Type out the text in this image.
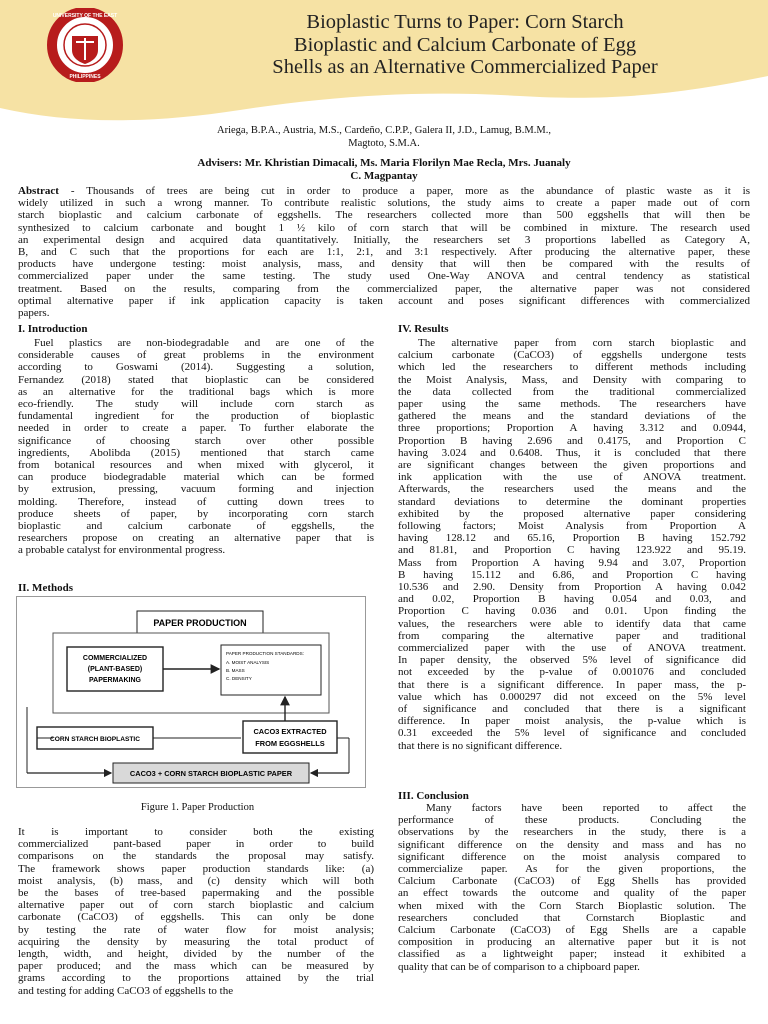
UNIVERSITY OF THE EAST
PHILIPPINES
Bioplastic Turns to Paper: Corn Starch
Bioplastic and Calcium Carbonate of Egg
Shells as an Alternative Commercialized Paper
Ariega, B.P.A., Austria, M.S., Cardeño, C.P.P., Galera II, J.D., Lamug, B.M.M.,
Magtoto, S.M.A.
Advisers: Mr. Khristian Dimacali, Ms. Maria Florilyn Mae Recla, Mrs. Juanaly
C. Magpantay
Abstract - Thousands of trees are being cut in order to produce a paper, more as the abundance of plastic waste as it is
widely utilized in such a wrong manner. To contribute realistic solutions, the study aims to create a paper made out of corn
starch bioplastic and calcium carbonate of eggshells. The researchers collected more than 500 eggshells that will then be
synthesized to calcium carbonate and bought 1 ½ kilo of corn starch that will be combined in mixture. The research used
an experimental design and acquired data quantitatively. Initially, the researchers set 3 proportions labelled as Category A,
B, and C such that the proportions for each are 1:1, 2:1, and 3:1 respectively. After producing the alternative paper, these
products have undergone testing: moist analysis, mass, and density that will then be compared with the results of
commercialized paper under the same testing. The study used One-Way ANOVA and central tendency as statistical
treatment. Based on the results, comparing from the commercialized paper, the alternative paper was not considered
optimal alternative paper if ink application capacity is taken account and poses significant differences with commercialized
papers.
I. Introduction
Fuel plastics are non-biodegradable and are one of the
considerable causes of great problems in the environment
according to Goswami (2014). Suggesting a solution,
Fernandez (2018) stated that bioplastic can be considered
as an alternative for the traditional bags which is more
eco-friendly. The study will include corn starch as
fundamental ingredient for the production of bioplastic
needed in order to create a paper. To further elaborate the
significance of choosing starch over other possible
ingredients, Abolibda (2015) mentioned that starch came
from botanical resources and when mixed with glycerol, it
can produce biodegradable material which can be formed
by extrusion, pressing, vacuum forming and injection
molding. Therefore, instead of cutting down trees to
produce sheets of paper, by incorporating corn starch
bioplastic and calcium carbonate of eggshells, the
researchers propose on creating an alternative paper that is
a probable catalyst for environmental progress.
II. Methods
PAPER PRODUCTION
COMMERCIALIZED
(PLANT-BASED)
PAPERMAKING
PAPER PRODUCTION STANDARDS:
A. MOIST ANALYSIS
B. MASS
C. DENSITY
CORN STARCH BIOPLASTIC
CACO3 EXTRACTED
FROM EGGSHELLS
CACO3 + CORN STARCH BIOPLASTIC PAPER
Figure 1. Paper Production
It is important to consider both the existing
commercialized pant-based paper in order to build
comparisons on the standards the proposal may satisfy.
The framework shows paper production standards like: (a)
moist analysis, (b) mass, and (c) density which will both
be the bases of tree-based papermaking and the possible
alternative paper out of corn starch bioplastic and calcium
carbonate (CaCO3) of eggshells. This can only be done
by testing the rate of water flow for moist analysis;
acquiring the density by measuring the total product of
length, width, and height, divided by the number of the
paper produced; and the mass which can be measured by
grams according to the proportions attained by the trial
and testing for adding CaCO3 of eggshells to the
IV. Results
The alternative paper from corn starch bioplastic and
calcium carbonate (CaCO3) of eggshells undergone tests
which led the researchers to different methods including
the Moist Analysis, Mass, and Density with comparing to
the data collected from the traditional commercialized
paper using the same methods. The researchers have
gathered the means and the standard deviations of the
three proportions; Proportion A having 3.312 and 0.0944,
Proportion B having 2.696 and 0.4175, and Proportion C
having 3.024 and 0.6408. Thus, it is concluded that there
are significant changes between the given proportions and
ink application with the use of ANOVA treatment.
Afterwards, the researchers used the means and the
standard deviations to determine the dominant properties
exhibited by the proposed alternative paper considering
following factors; Moist Analysis from Proportion A
having 128.12 and 65.16, Proportion B having 152.792
and 81.81, and Proportion C having 123.922 and 95.19.
Mass from Proportion A having 9.94 and 3.07, Proportion
B having 15.112 and 6.86, and Proportion C having
10.536 and 2.90. Density from Proportion A having 0.042
and 0.02, Proportion B having 0.054 and 0.03, and
Proportion C having 0.036 and 0.01. Upon finding the
values, the researchers were able to identify data that came
from comparing the alternative paper and traditional
commercialized paper with the use of ANOVA treatment.
In paper density, the observed 5% level of significance did
not exceeded by the p-value of 0.001076 and concluded
that there is a significant difference. In paper mass, the p-
value which has 0.000297 did not exceed on the 5% level
of significance and concluded that there is a significant
difference. In paper moist analysis, the p-value which is
0.31 exceeded the 5% level of significance and concluded
that there is no significant difference.
III. Conclusion
Many factors have been reported to affect the
performance of these products. Concluding the
observations by the researchers in the study, there is a
significant difference on the density and mass and has no
significant difference on the moist analysis compared to
commercialize paper. As for the given proportions, the
Calcium Carbonate (CaCO3) of Egg Shells has provided
an effect towards the outcome and quality of the paper
when mixed with the Corn Starch Bioplastic solution. The
researchers concluded that Cornstarch Bioplastic and
Calcium Carbonate (CaCO3) of Egg Shells are a capable
composition in producing an alternative paper but it is not
classified as a lightweight paper; instead it exhibited a
quality that can be of comparison to a chipboard paper.
